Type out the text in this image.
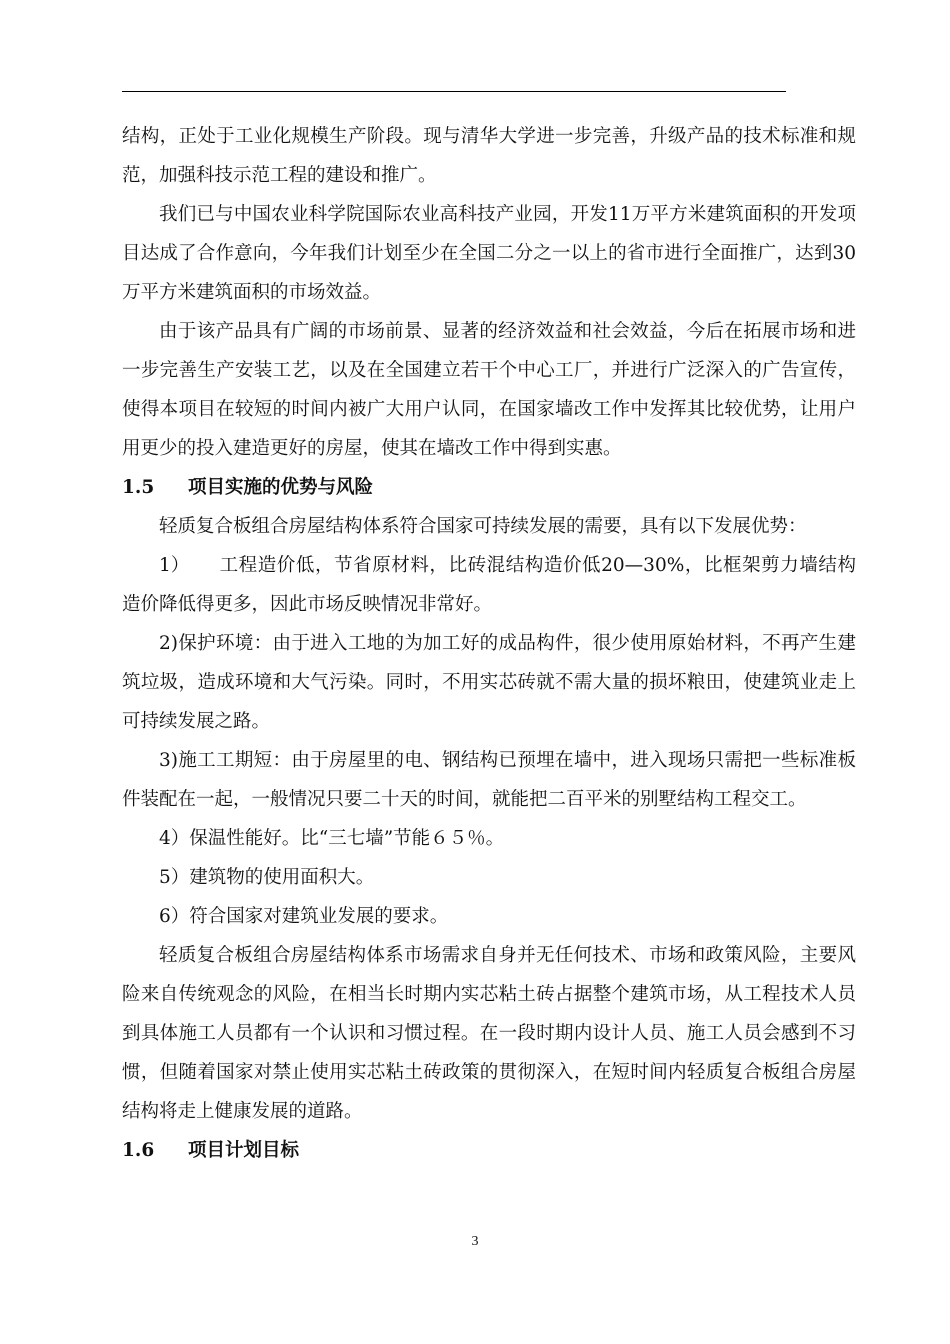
结构，正处于工业化规模生产阶段。现与清华大学进一步完善，升级产品的技术标准和规范，加强科技示范工程的建设和推广。

我们已与中国农业科学院国际农业高科技产业园，开发11万平方米建筑面积的开发项目达成了合作意向，今年我们计划至少在全国二分之一以上的省市进行全面推广，达到30万平方米建筑面积的市场效益。

由于该产品具有广阔的市场前景、显著的经济效益和社会效益，今后在拓展市场和进一步完善生产安装工艺，以及在全国建立若干个中心工厂，并进行广泛深入的广告宣传，使得本项目在较短的时间内被广大用户认同，在国家墙改工作中发挥其比较优势，让用户用更少的投入建造更好的房屋，使其在墙改工作中得到实惠。

1.5 项目实施的优势与风险

轻质复合板组合房屋结构体系符合国家可持续发展的需要，具有以下发展优势：

1） 工程造价低，节省原材料，比砖混结构造价低20—30%，比框架剪力墙结构造价降低得更多，因此市场反映情况非常好。

2)保护环境：由于进入工地的为加工好的成品构件，很少使用原始材料，不再产生建筑垃圾，造成环境和大气污染。同时，不用实芯砖就不需大量的损坏粮田，使建筑业走上可持续发展之路。

3)施工工期短：由于房屋里的电、钢结构已预埋在墙中，进入现场只需把一些标准板件装配在一起，一般情况只要二十天的时间，就能把二百平米的别墅结构工程交工。

4）保温性能好。比“三七墙”节能６５％。

5）建筑物的使用面积大。

6）符合国家对建筑业发展的要求。

轻质复合板组合房屋结构体系市场需求自身并无任何技术、市场和政策风险，主要风险来自传统观念的风险，在相当长时期内实芯粘土砖占据整个建筑市场，从工程技术人员到具体施工人员都有一个认识和习惯过程。在一段时期内设计人员、施工人员会感到不习惯，但随着国家对禁止使用实芯粘土砖政策的贯彻深入，在短时间内轻质复合板组合房屋结构将走上健康发展的道路。

1.6 项目计划目标
3
